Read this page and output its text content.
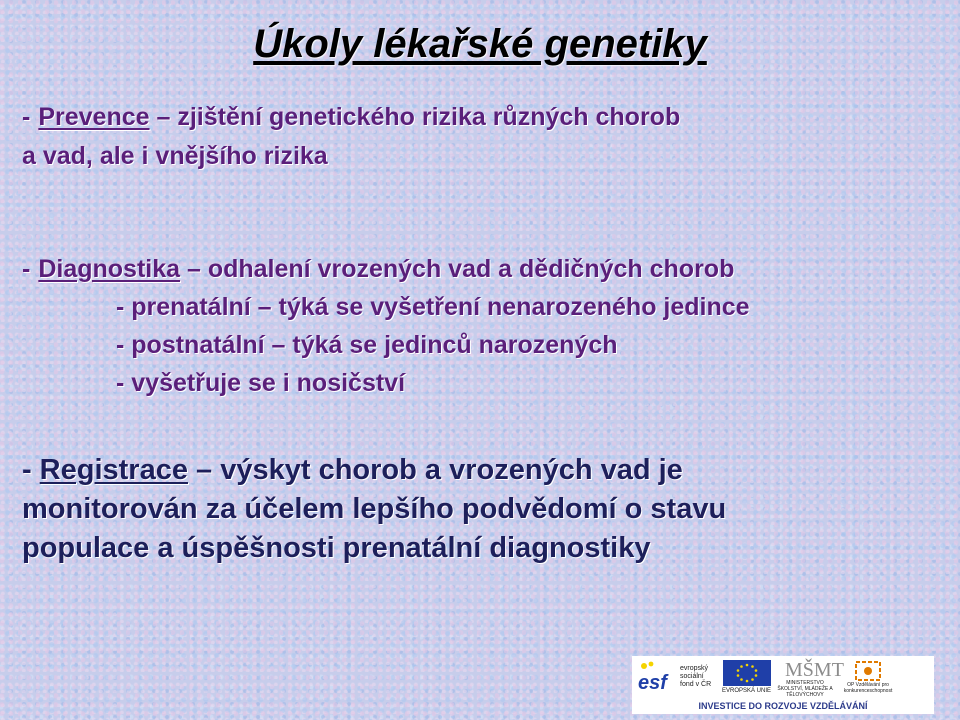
Úkoly lékařské genetiky
- Prevence – zjištění genetického rizika různých chorob
a vad, ale i vnějšího rizika
- Diagnostika – odhalení vrozených vad a dědičných chorob
- prenatální – týká se vyšetření nenarozeného jedince
- postnatální – týká se jedinců narozených
- vyšetřuje se i nosičství
- Registrace – výskyt chorob a vrozených vad je
monitorován za účelem lepšího podvědomí o stavu
populace a úspěšnosti prenatální diagnostiky
esf
evropský sociální fond v ČR
EVROPSKÁ UNIE
MŠMT
MINISTERSTVO ŠKOLSTVÍ, MLÁDEŽE A TĚLOVÝCHOVY
OP Vzdělávání pro konkurenceschopnost
INVESTICE DO ROZVOJE VZDĚLÁVÁNÍ
